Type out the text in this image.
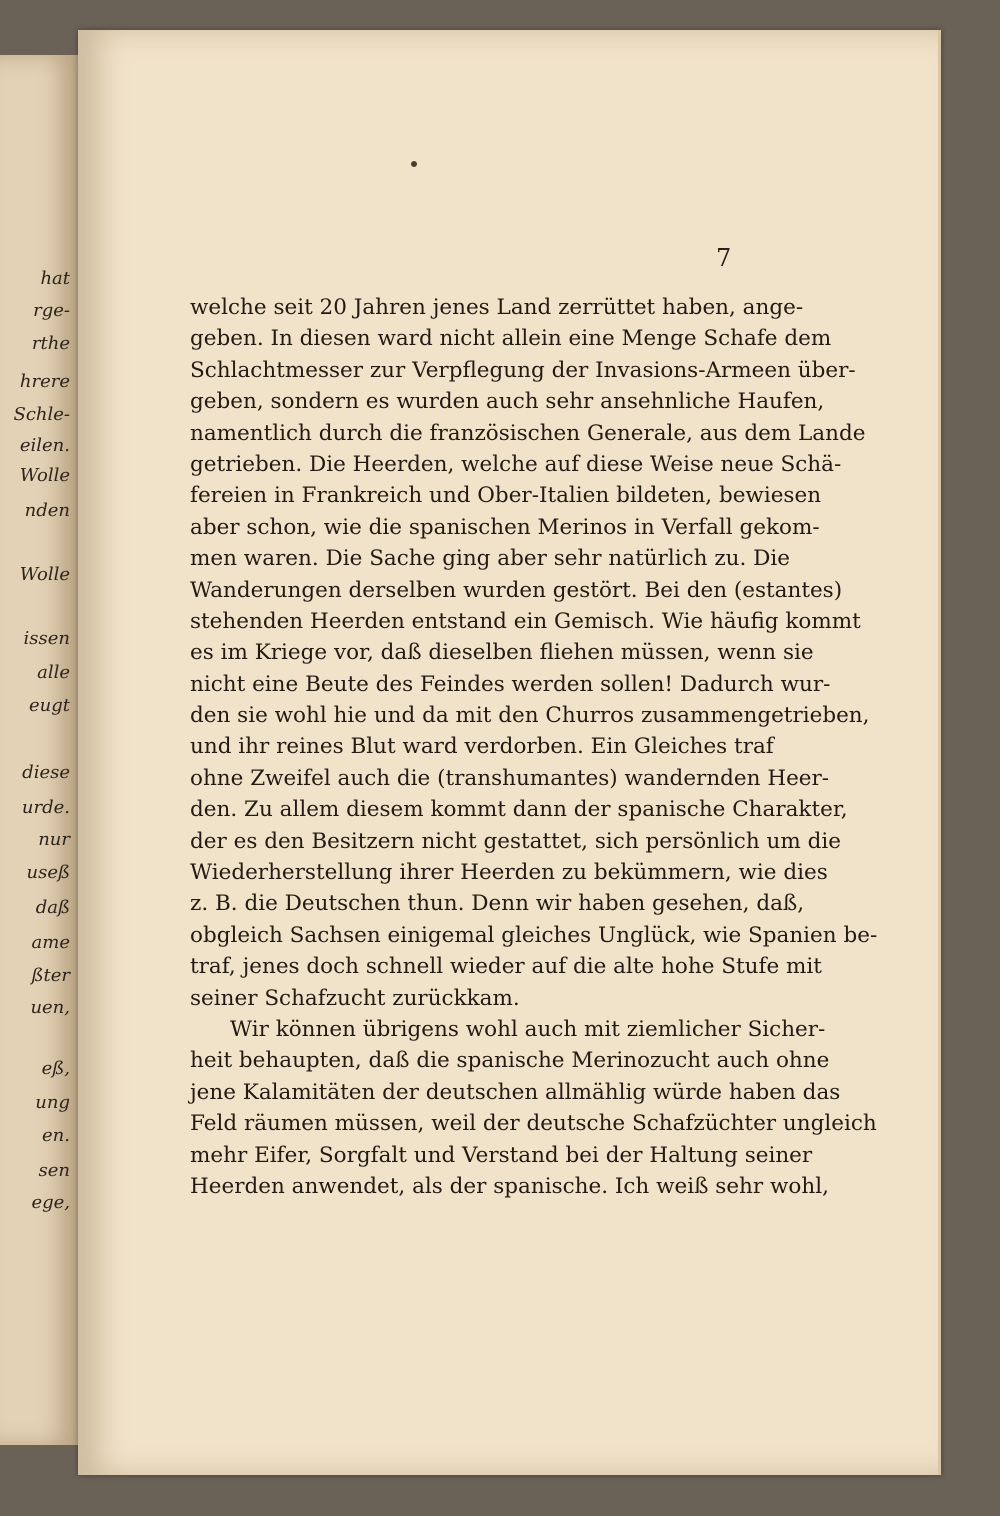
hat
rge-
rthe
hrere
Schle-
eilen.
Wolle
nden
Wolle
issen
alle
eugt
diese
urde.
nur
useß
daß
ame
ßter
uen,
eß,
ung
en.
sen
ege,
7
welche seit 20 Jahren jenes Land zerrüttet haben, ange-
geben. In diesen ward nicht allein eine Menge Schafe dem
Schlachtmesser zur Verpflegung der Invasions-Armeen über-
geben, sondern es wurden auch sehr ansehnliche Haufen,
namentlich durch die französischen Generale, aus dem Lande
getrieben. Die Heerden, welche auf diese Weise neue Schä-
fereien in Frankreich und Ober-Italien bildeten, bewiesen
aber schon, wie die spanischen Merinos in Verfall gekom-
men waren. Die Sache ging aber sehr natürlich zu. Die
Wanderungen derselben wurden gestört. Bei den (estantes)
stehenden Heerden entstand ein Gemisch. Wie häufig kommt
es im Kriege vor, daß dieselben fliehen müssen, wenn sie
nicht eine Beute des Feindes werden sollen! Dadurch wur-
den sie wohl hie und da mit den Churros zusammengetrieben,
und ihr reines Blut ward verdorben. Ein Gleiches traf
ohne Zweifel auch die (transhumantes) wandernden Heer-
den. Zu allem diesem kommt dann der spanische Charakter,
der es den Besitzern nicht gestattet, sich persönlich um die
Wiederherstellung ihrer Heerden zu bekümmern, wie dies
z. B. die Deutschen thun. Denn wir haben gesehen, daß,
obgleich Sachsen einigemal gleiches Unglück, wie Spanien be-
traf, jenes doch schnell wieder auf die alte hohe Stufe mit
seiner Schafzucht zurückkam.
Wir können übrigens wohl auch mit ziemlicher Sicher-
heit behaupten, daß die spanische Merinozucht auch ohne
jene Kalamitäten der deutschen allmählig würde haben das
Feld räumen müssen, weil der deutsche Schafzüchter ungleich
mehr Eifer, Sorgfalt und Verstand bei der Haltung seiner
Heerden anwendet, als der spanische. Ich weiß sehr wohl,
